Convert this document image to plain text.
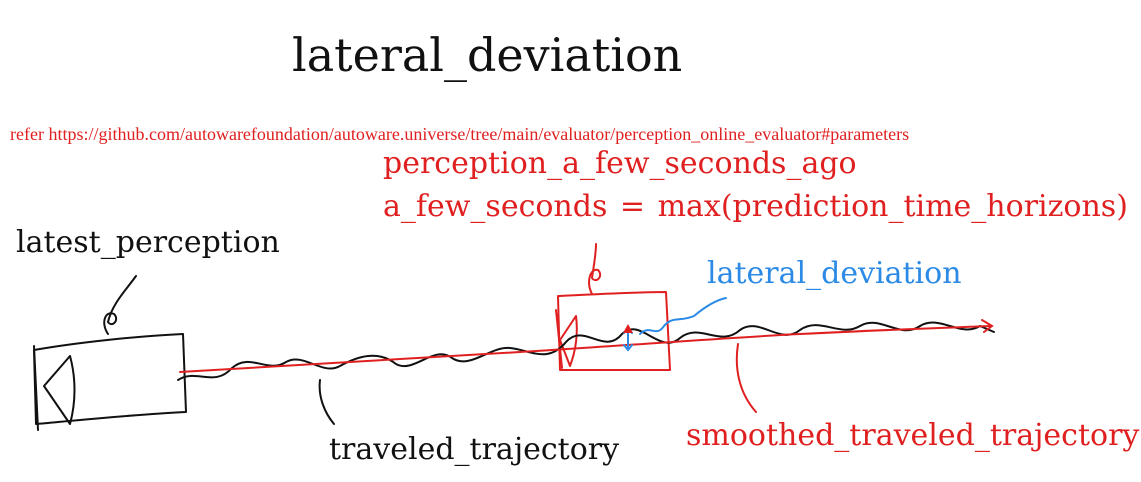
lateral_deviation
refer https://github.com/autowarefoundation/autoware.universe/tree/main/evaluator/perception_online_evaluator#parameters
perception_a_few_seconds_ago
a_few_seconds = max(prediction_time_horizons)
latest_perception
lateral_deviation
traveled_trajectory smoothed_traveled_trajectory
